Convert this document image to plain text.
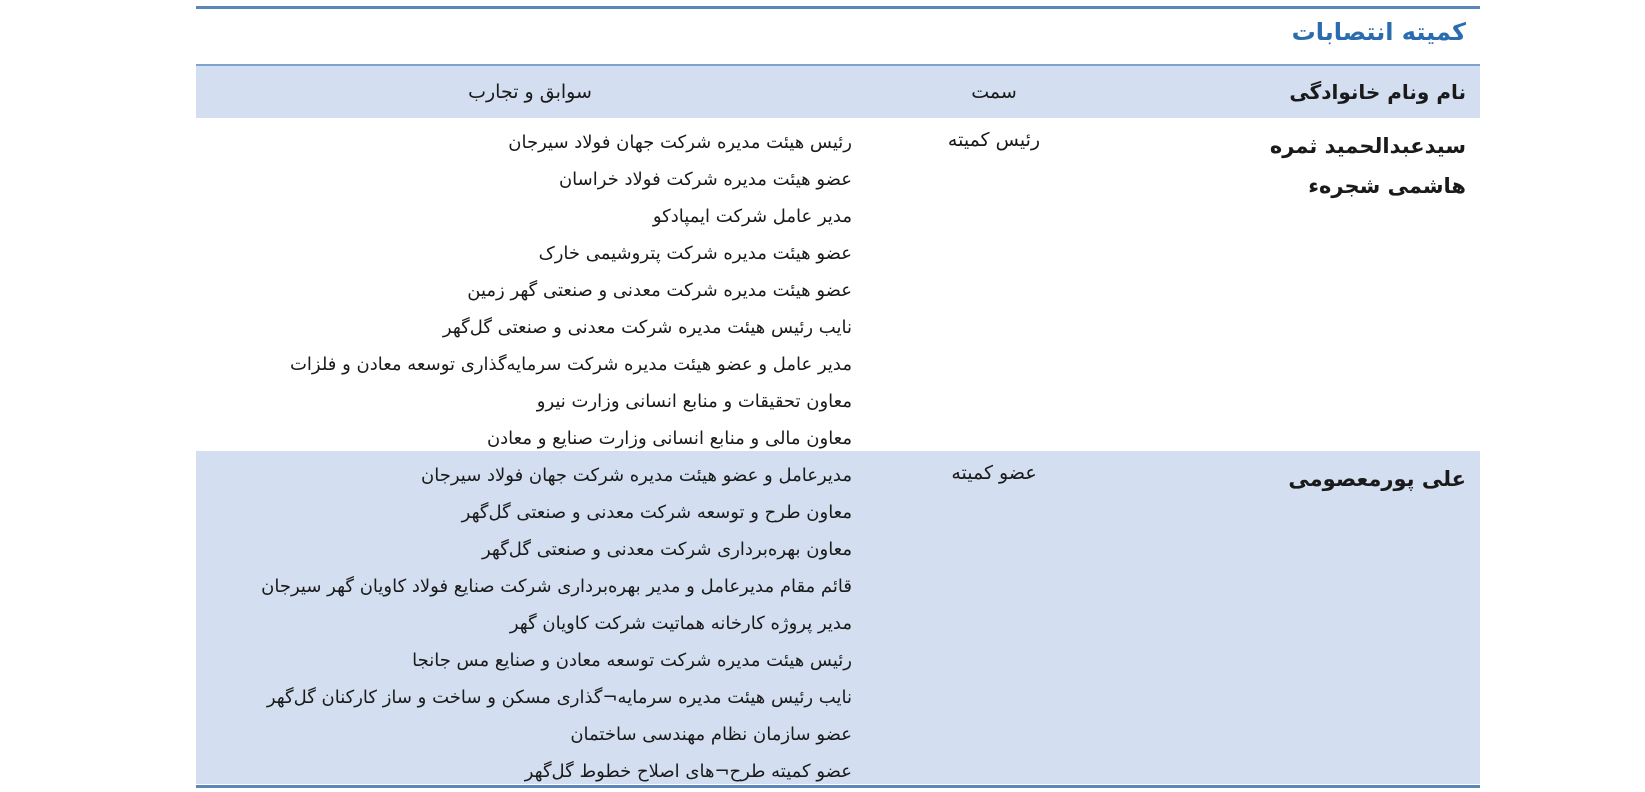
کمیته انتصابات
نام ونام خانوادگی
سمت
سوابق و تجارب
سیدعبدالحمید ثمره هاشمی شجرهء
رئیس کمیته
رئیس هیئت مدیره شرکت جهان فولاد سیرجان
عضو هیئت مدیره شرکت فولاد خراسان
مدیر عامل شرکت ایمپادکو
عضو هیئت مدیره شرکت پتروشیمی خارک
عضو هیئت مدیره شرکت معدنی و صنعتی گهر زمین
نایب رئیس هیئت مدیره شرکت معدنی و صنعتی گل‌گهر
مدیر عامل و عضو هیئت مدیره شرکت سرمایه‌گذاری توسعه معادن و فلزات
معاون تحقیقات و منابع انسانی وزارت نیرو
معاون مالی و منابع انسانی وزارت صنایع و معادن
علی پورمعصومی
عضو کمیته
مدیرعامل و عضو هیئت مدیره شرکت جهان فولاد سیرجان
معاون طرح و توسعه شرکت معدنی و صنعتی گل‌گهر
معاون بهره‌برداری شرکت معدنی و صنعتی گل‌گهر
قائم مقام مدیرعامل و مدیر بهره‌برداری شرکت صنایع فولاد کاویان گهر سیرجان
مدیر پروژه کارخانه هماتیت شرکت کاویان گهر
رئیس هیئت مدیره شرکت توسعه معادن و صنایع مس جانجا
نایب رئیس هیئت مدیره سرمایه¬گذاری مسکن و ساخت و ساز کارکنان گل‌گهر
عضو سازمان نظام مهندسی ساختمان
عضو کمیته طرح¬های اصلاح خطوط گل‌گهر
